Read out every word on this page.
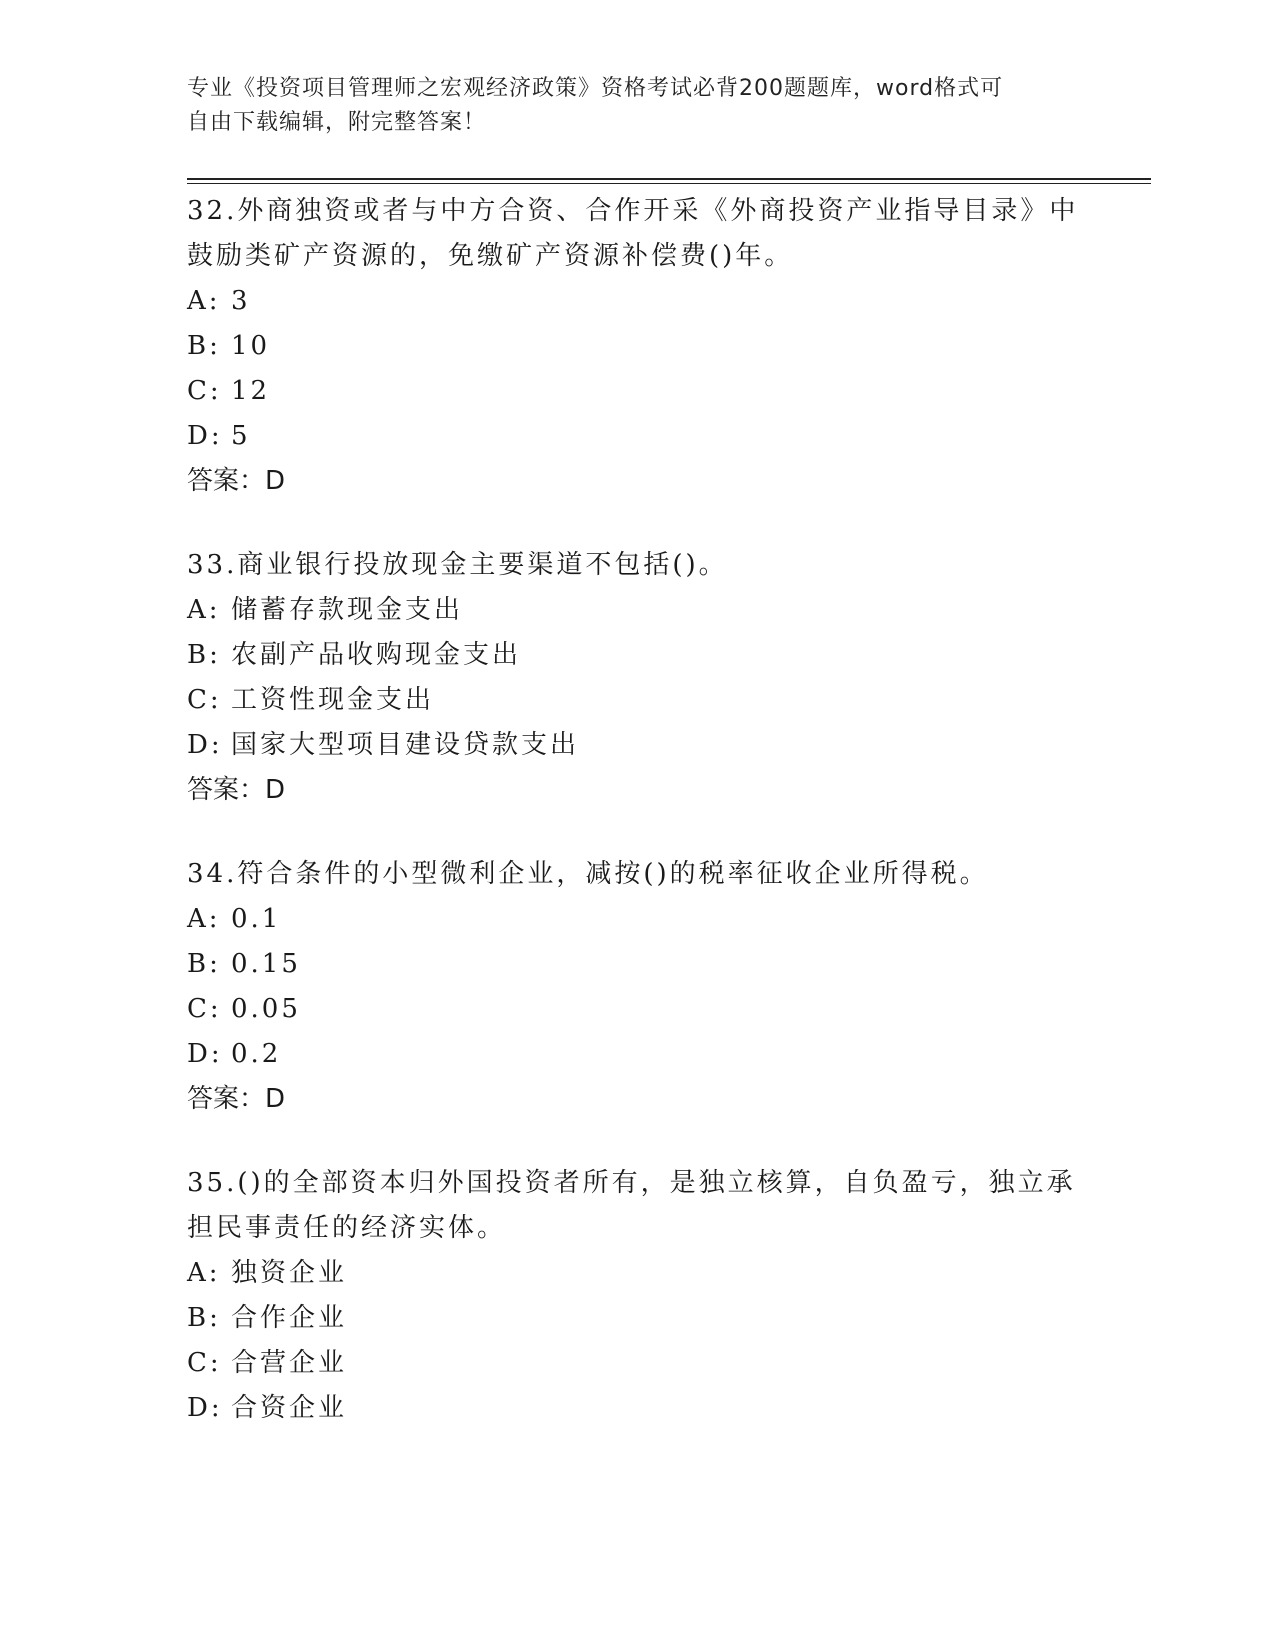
专业《投资项目管理师之宏观经济政策》资格考试必背200题题库，word格式可
自由下载编辑，附完整答案！
32.外商独资或者与中方合资、合作开采《外商投资产业指导目录》中
鼓励类矿产资源的，免缴矿产资源补偿费()年。
A: 3
B: 10
C: 12
D: 5
答案：D
33.商业银行投放现金主要渠道不包括()。
A: 储蓄存款现金支出
B: 农副产品收购现金支出
C: 工资性现金支出
D: 国家大型项目建设贷款支出
答案：D
34.符合条件的小型微利企业，减按()的税率征收企业所得税。
A: 0.1
B: 0.15
C: 0.05
D: 0.2
答案：D
35.()的全部资本归外国投资者所有，是独立核算，自负盈亏，独立承
担民事责任的经济实体。
A: 独资企业
B: 合作企业
C: 合营企业
D: 合资企业
